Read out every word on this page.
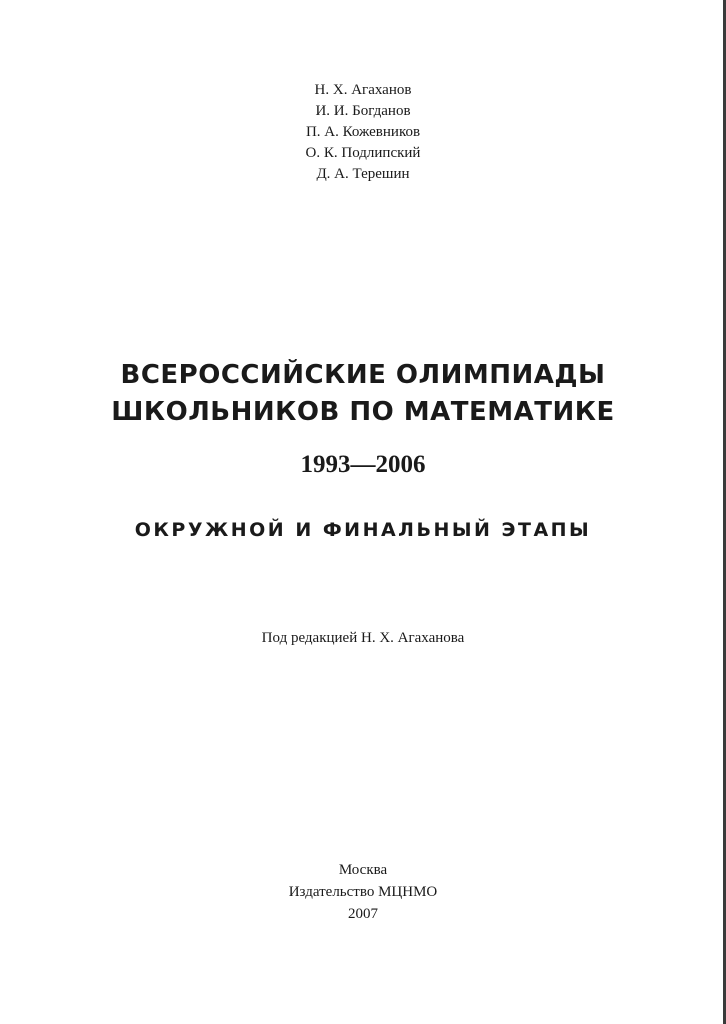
Н. Х. Агаханов
И. И. Богданов
П. А. Кожевников
О. К. Подлипский
Д. А. Терешин
ВСЕРОССИЙСКИЕ ОЛИМПИАДЫ
ШКОЛЬНИКОВ ПО МАТЕМАТИКЕ
1993—2006
ОКРУЖНОЙ И ФИНАЛЬНЫЙ ЭТАПЫ
Под редакцией Н. Х. Агаханова
Москва
Издательство МЦНМО
2007
